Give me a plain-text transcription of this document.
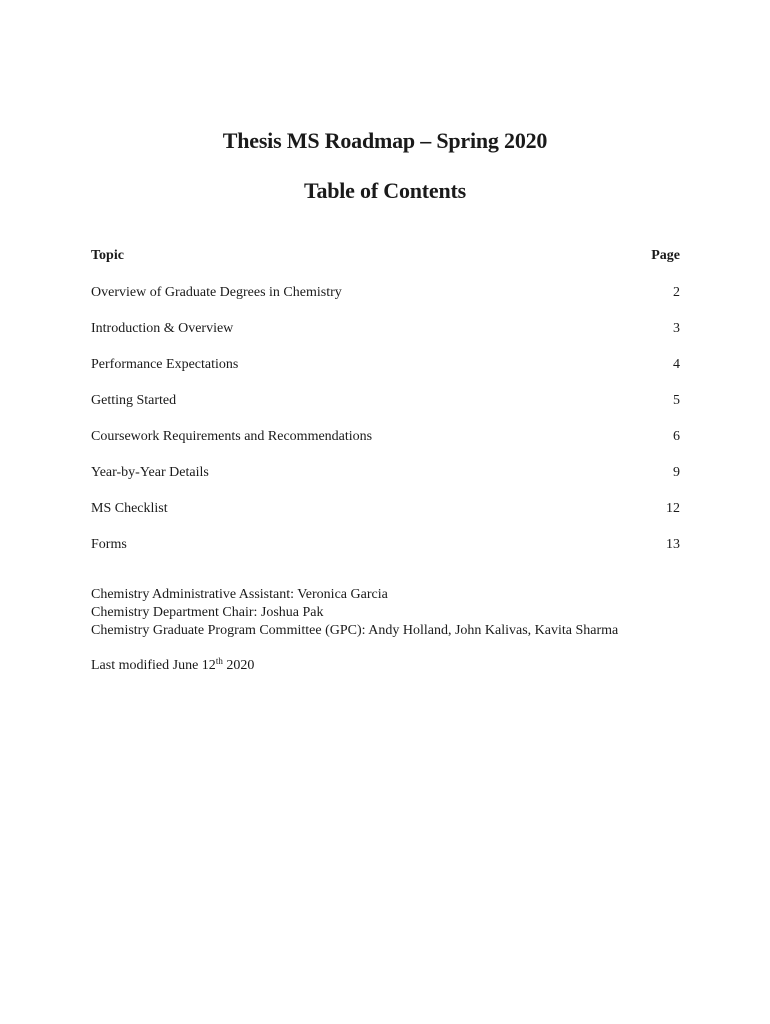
Thesis MS Roadmap – Spring 2020
Table of Contents
Topic	Page
Overview of Graduate Degrees in Chemistry	2
Introduction & Overview	3
Performance Expectations	4
Getting Started	5
Coursework Requirements and Recommendations	6
Year-by-Year Details	9
MS Checklist	12
Forms	13
Chemistry Administrative Assistant: Veronica Garcia
Chemistry Department Chair: Joshua Pak
Chemistry Graduate Program Committee (GPC): Andy Holland, John Kalivas, Kavita Sharma
Last modified June 12th 2020
